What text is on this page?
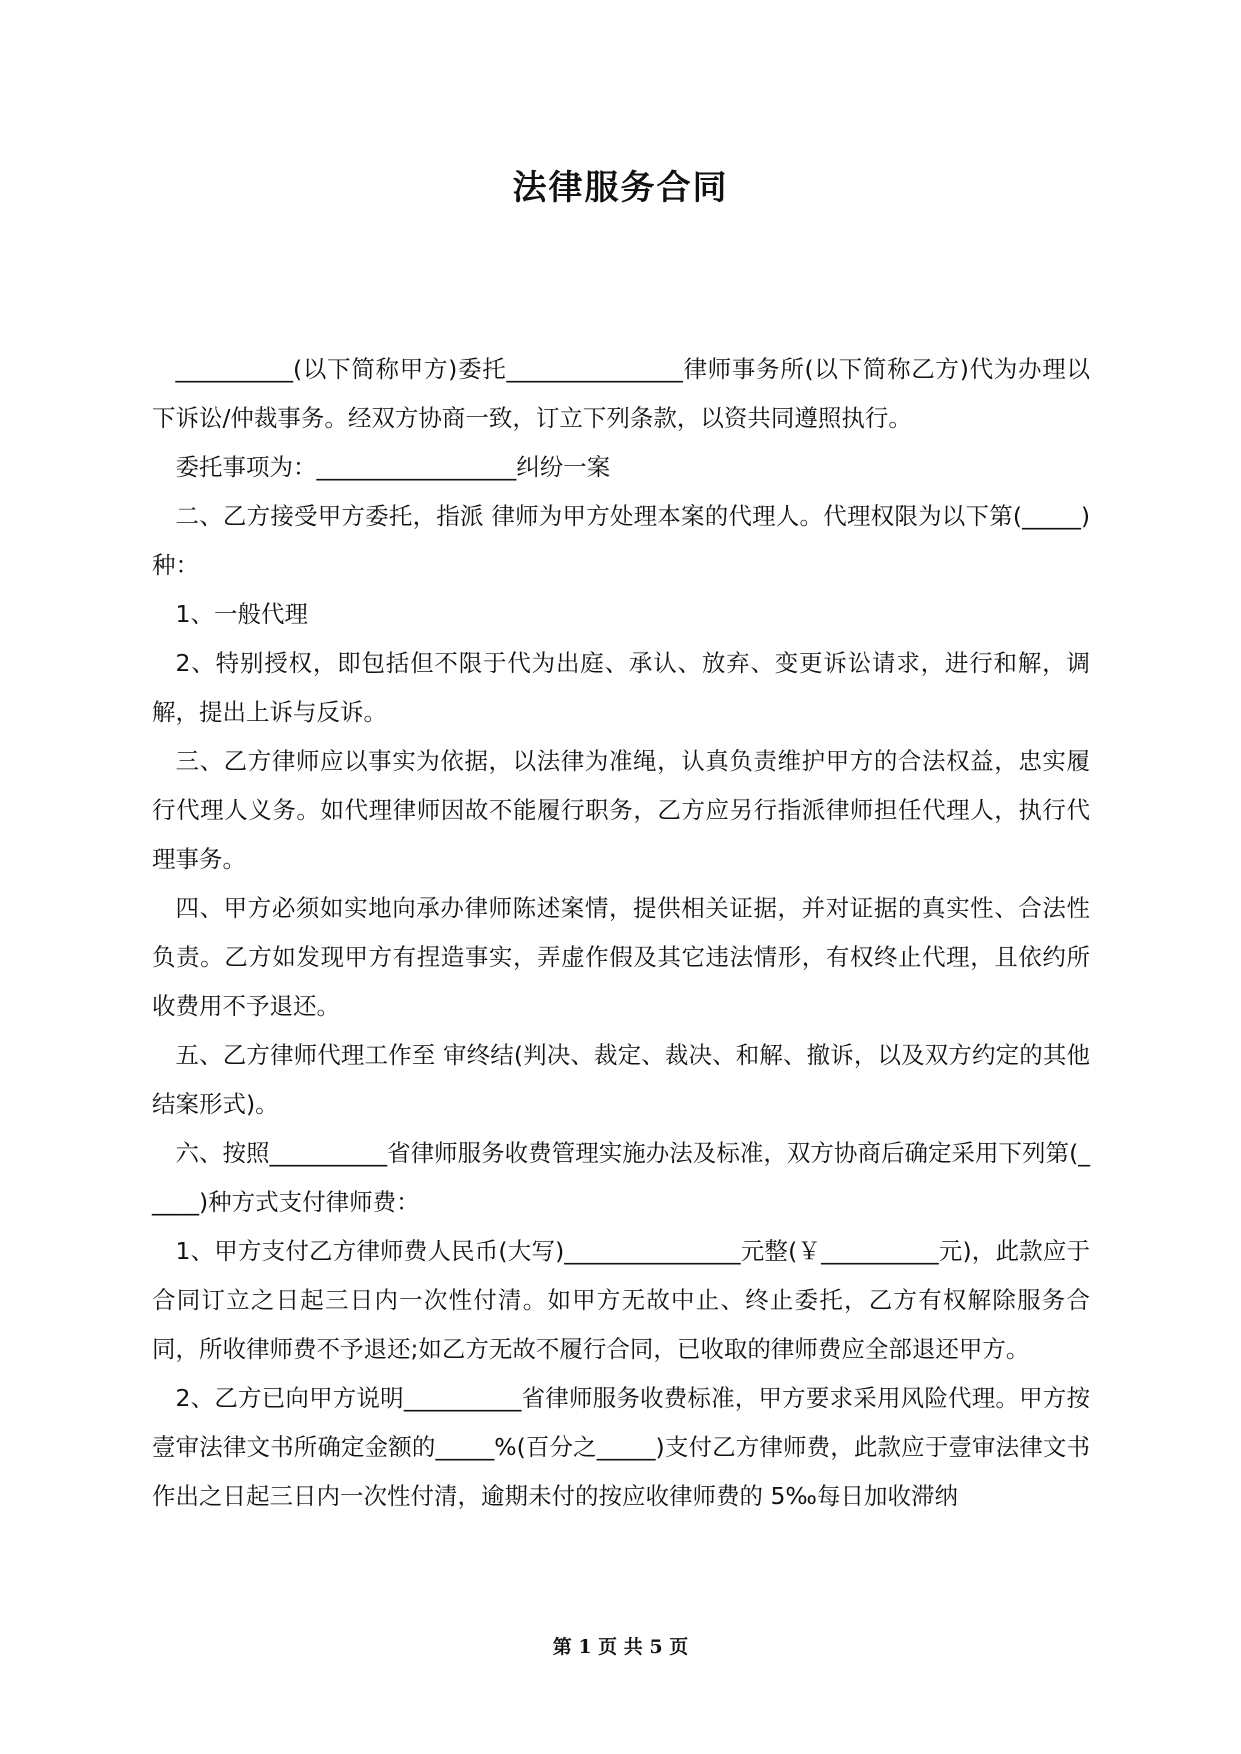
法律服务合同

__________(以下简称甲方)委托_______________律师事务所(以下简称乙方)代为办理以下诉讼/仲裁事务。经双方协商一致，订立下列条款，以资共同遵照执行。

委托事项为：_________________纠纷一案

二、乙方接受甲方委托，指派 律师为甲方处理本案的代理人。代理权限为以下第(_____)种：

1、一般代理

2、特别授权，即包括但不限于代为出庭、承认、放弃、变更诉讼请求，进行和解，调解，提出上诉与反诉。

三、乙方律师应以事实为依据，以法律为准绳，认真负责维护甲方的合法权益，忠实履行代理人义务。如代理律师因故不能履行职务，乙方应另行指派律师担任代理人，执行代理事务。

四、甲方必须如实地向承办律师陈述案情，提供相关证据，并对证据的真实性、合法性负责。乙方如发现甲方有捏造事实，弄虚作假及其它违法情形，有权终止代理，且依约所收费用不予退还。

五、乙方律师代理工作至 审终结(判决、裁定、裁决、和解、撤诉，以及双方约定的其他结案形式)。

六、按照__________省律师服务收费管理实施办法及标准，双方协商后确定采用下列第(_____)种方式支付律师费：

1、甲方支付乙方律师费人民币(大写)_______________元整(￥__________元)，此款应于合同订立之日起三日内一次性付清。如甲方无故中止、终止委托，乙方有权解除服务合同，所收律师费不予退还;如乙方无故不履行合同，已收取的律师费应全部退还甲方。

2、乙方已向甲方说明__________省律师服务收费标准，甲方要求采用风险代理。甲方按壹审法律文书所确定金额的_____%(百分之_____)支付乙方律师费，此款应于壹审法律文书作出之日起三日内一次性付清，逾期未付的按应收律师费的 5‰每日加收滞纳

第 1 页 共 5 页
